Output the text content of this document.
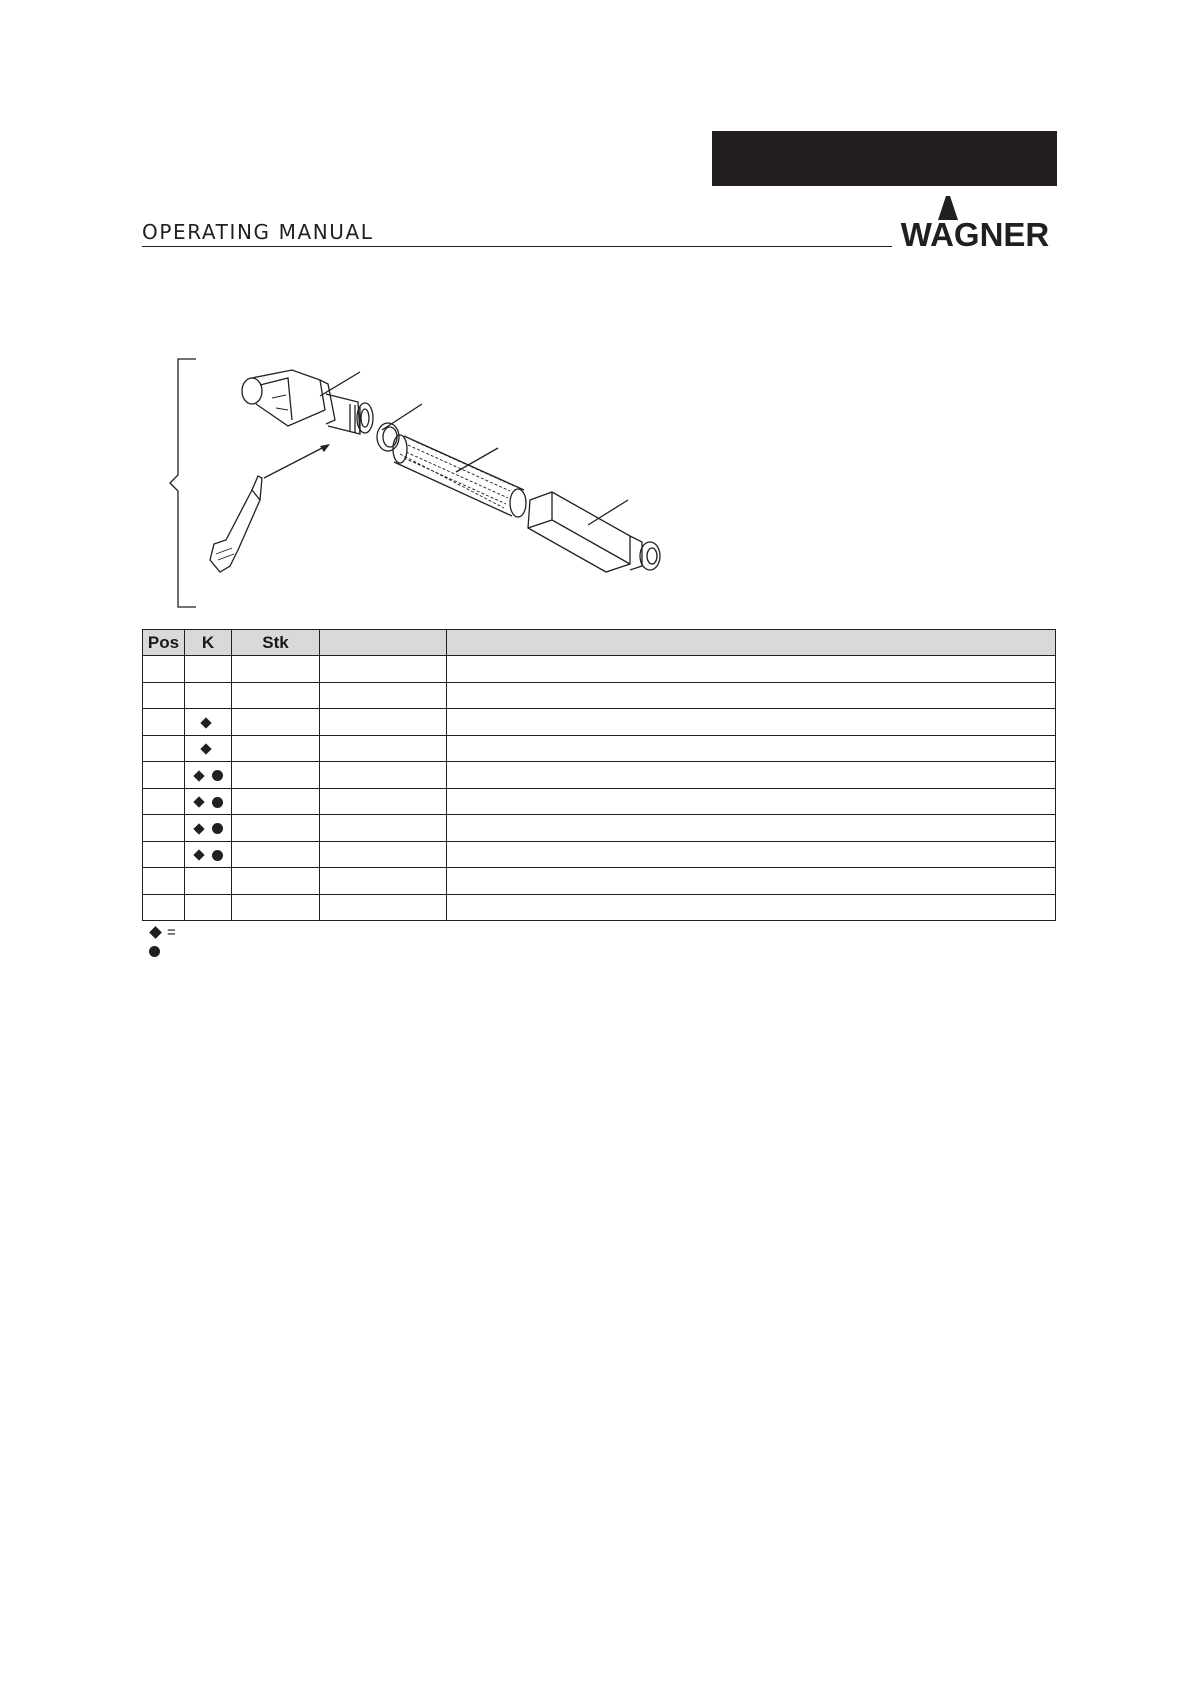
OPERATING MANUAL	WAGNER
Pos	K	Stk		

=
